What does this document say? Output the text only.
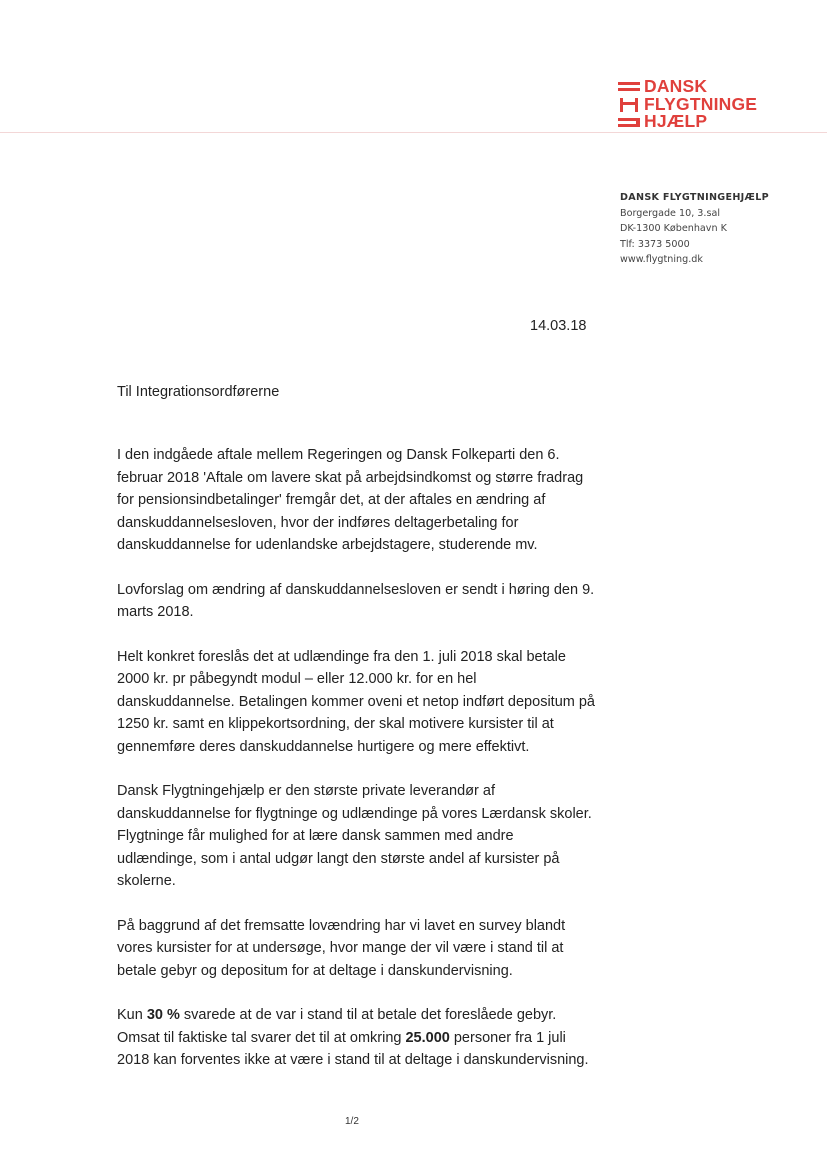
DANSK
FLYGTNINGE
HJÆLP
DANSK FLYGTNINGEHJÆLP
Borgergade 10, 3.sal
DK-1300 København K
Tlf: 3373 5000
www.flygtning.dk
14.03.18
Til Integrationsordførerne

I den indgåede aftale mellem Regeringen og Dansk Folkeparti den 6. februar 2018 'Aftale om lavere skat på arbejdsindkomst og større fradrag for pensionsindbetalinger' fremgår det, at der aftales en ændring af danskuddannelsesloven, hvor der indføres deltagerbetaling for danskuddannelse for udenlandske arbejdstagere, studerende mv.

Lovforslag om ændring af danskuddannelsesloven er sendt i høring den 9. marts 2018.

Helt konkret foreslås det at udlændinge fra den 1. juli 2018 skal betale 2000 kr. pr påbegyndt modul – eller 12.000 kr. for en hel danskuddannelse. Betalingen kommer oveni et netop indført depositum på 1250 kr. samt en klippekortsordning, der skal motivere kursister til at gennemføre deres danskuddannelse hurtigere og mere effektivt.

Dansk Flygtningehjælp er den største private leverandør af danskuddannelse for flygtninge og udlændinge på vores Lærdansk skoler. Flygtninge får mulighed for at lære dansk sammen med andre udlændinge, som i antal udgør langt den største andel af kursister på skolerne.

På baggrund af det fremsatte lovændring har vi lavet en survey blandt vores kursister for at undersøge, hvor mange der vil være i stand til at betale gebyr og depositum for at deltage i danskundervisning.

Kun 30 % svarede at de var i stand til at betale det foreslåede gebyr. Omsat til faktiske tal svarer det til at omkring 25.000 personer fra 1 juli 2018 kan forventes ikke at være i stand til at deltage i danskundervisning.

1/2
